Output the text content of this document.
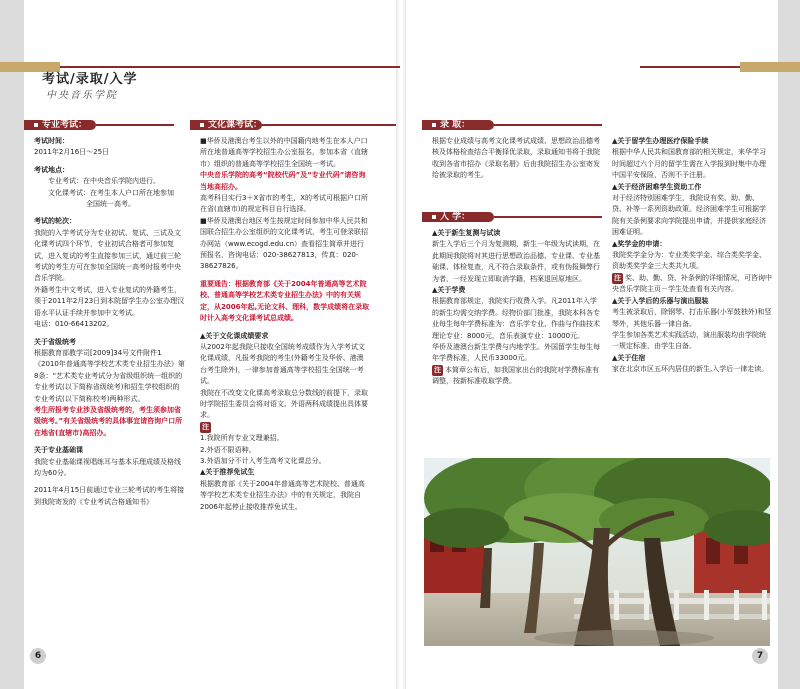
考试/录取/入学
中央音乐学院
专业考试：

考试时间：

2011年2月16日～25日

考试地点：

专业考试：在中央音乐学院内进行。

文化课考试：在考生本人户口所在地参加

全国统一高考。

考试的轮次：

我院的入学考试分为专业初试、复试、三试及文化课考试四个环节，专业初试合格者可参加复试，进入复试的考生直接参加三试，通过前三轮考试的考生方可在参加全国统一高考时报考中央音乐学院。

外籍考生中文考试，进入专业复试的外籍考生，须于2011年2月23日到本院留学生办公室办理汉语水平认证手续并参加中文考试。

电话：010-66413202。

关于省级统考

根据教育部教学司[2009]34号文件附件1《2010年普通高等学校艺术类专业招生办法》第8条：“艺术类专业考试分为省级组织统一组织的专业考试(以下简称省级统考)和招生学校组织的专业考试(以下简称校考)两种形式。

考生所报考专业涉及省级统考的，考生须参加省级统考。”有关省级统考的具体事宜请咨询户口所在地省(直辖市)高招办。

关于专业基础课

我院专业基础课视唱练耳与基本乐理成绩及格线均为60分。

2011年4月15日前通过专业三轮考试的考生将接到我院寄发的《专业考试合格通知书》

文化课考试：

■华侨及港澳台考生以外的中国籍内地考生在本人户口所在地普通高等学校招生办公室报名，参加本省（直辖市）组织的普通高等学校招生全国统一考试。

中央音乐学院的高考“院校代码”及“专业代码”请咨询当地高招办。

高考科目实行3＋X省市的考生，X的考试可根据户口所在省(直辖市)的规定科目自行选择。

■华侨及港澳台地区考生按规定时间参加中华人民共和国联合招生办公室组织的文化课考试，考生可登录联招办网站（www.ecogd.edu.cn）查看招生简章并进行预报名，咨询电话：020-38627813，传真：020-38627826。

重要通告：根据教育部《关于2004年普通高等艺术院校、普通高等学校艺术类专业招生办法》中的有关规定，从2006年起,无论文科、理科，数学成绩将在录取时计入高考文化课考试总成绩。

▲关于文化课成绩要求

从2002年起我院只接收全国统考成绩作为入学考试文化课成绩，凡报考我院的考生(外籍考生及华侨、港澳台考生除外)，一律参加普通高等学校招生全国统一考试。

我院在不改变文化课高考录取总分数线的前提下，录取时学院招生委员会将对语文、外语两科成绩提出具体要求。

注

1.我院所有专业文理兼招。

2.外语不限语种。

3.外语加分不计入考生高考文化课总分。

▲关于推荐免试生

根据教育部《关于2004年普通高等艺术院校、普通高等学校艺术类专业招生办法》中的有关规定，我院自2006年起停止接收推荐免试生。

6
录 取：

根据专业成绩与高考文化课考试成绩、思想政治品德考核及体格检查结合平衡择优录取，录取通知书将于我院收到各省市招办《录取名册》后由我院招生办公室寄发给被录取的考生。

入 学：

▲关于新生复测与试读

新生入学后三个月为复测期，新生一年级为试读期，在此期间我院将对其进行思想政治品德、专业课、专业基础课、体检复查，凡不符合录取条件，或有伪报舞弊行为者，一经发现立即取消学籍，档案退回原地区。

▲关于学费

根据教育部规定，我院实行收费入学。凡2011年入学的新生均需交纳学费。经物价部门批准，我院本科各专业每生每年学费标准为：音乐学专业、作曲与作曲技术理论专业：8000元，音乐表演专业：10000元。

华侨及港澳台新生学费与内地学生。外国留学生每生每年学费标准，人民币33000元。

注 本简章公布后，如我国家出台的我院对学费标准有调整，按新标准收取学费。

▲关于留学生办理医疗保险手续

根据中华人民共和国教育部的相关规定，来华学习时间超过六个月的留学生需在入学报到时集中办理中国平安保险，否则不予注册。

▲关于经济困难学生资助工作

对于经济特别困难学生，我院设有奖、助、勤、贷、补等一系列资助政策。经济困难学生可根据学院有关条例要求向学院提出申请，并提供家庭经济困难证明。

▲奖学金的申请：

我院奖学金分为：专业类奖学金、综合类奖学金、资助类奖学金三大类共九项。

注 奖、助、勤、贷、补条例的详细情况，可咨询中央音乐学院主页－学生处查看有关内容。

▲关于入学后的乐器与演出服装

考生被录取后，除钢琴、打击乐器(小军鼓独外)和竖琴外，其他乐器一律自备。

学生参加各类艺术实践活动，演出服装均由学院统一规定标准，由学生自备。

▲关于住宿

家在北京市区五环内居住的新生,入学后一律走读。

7
